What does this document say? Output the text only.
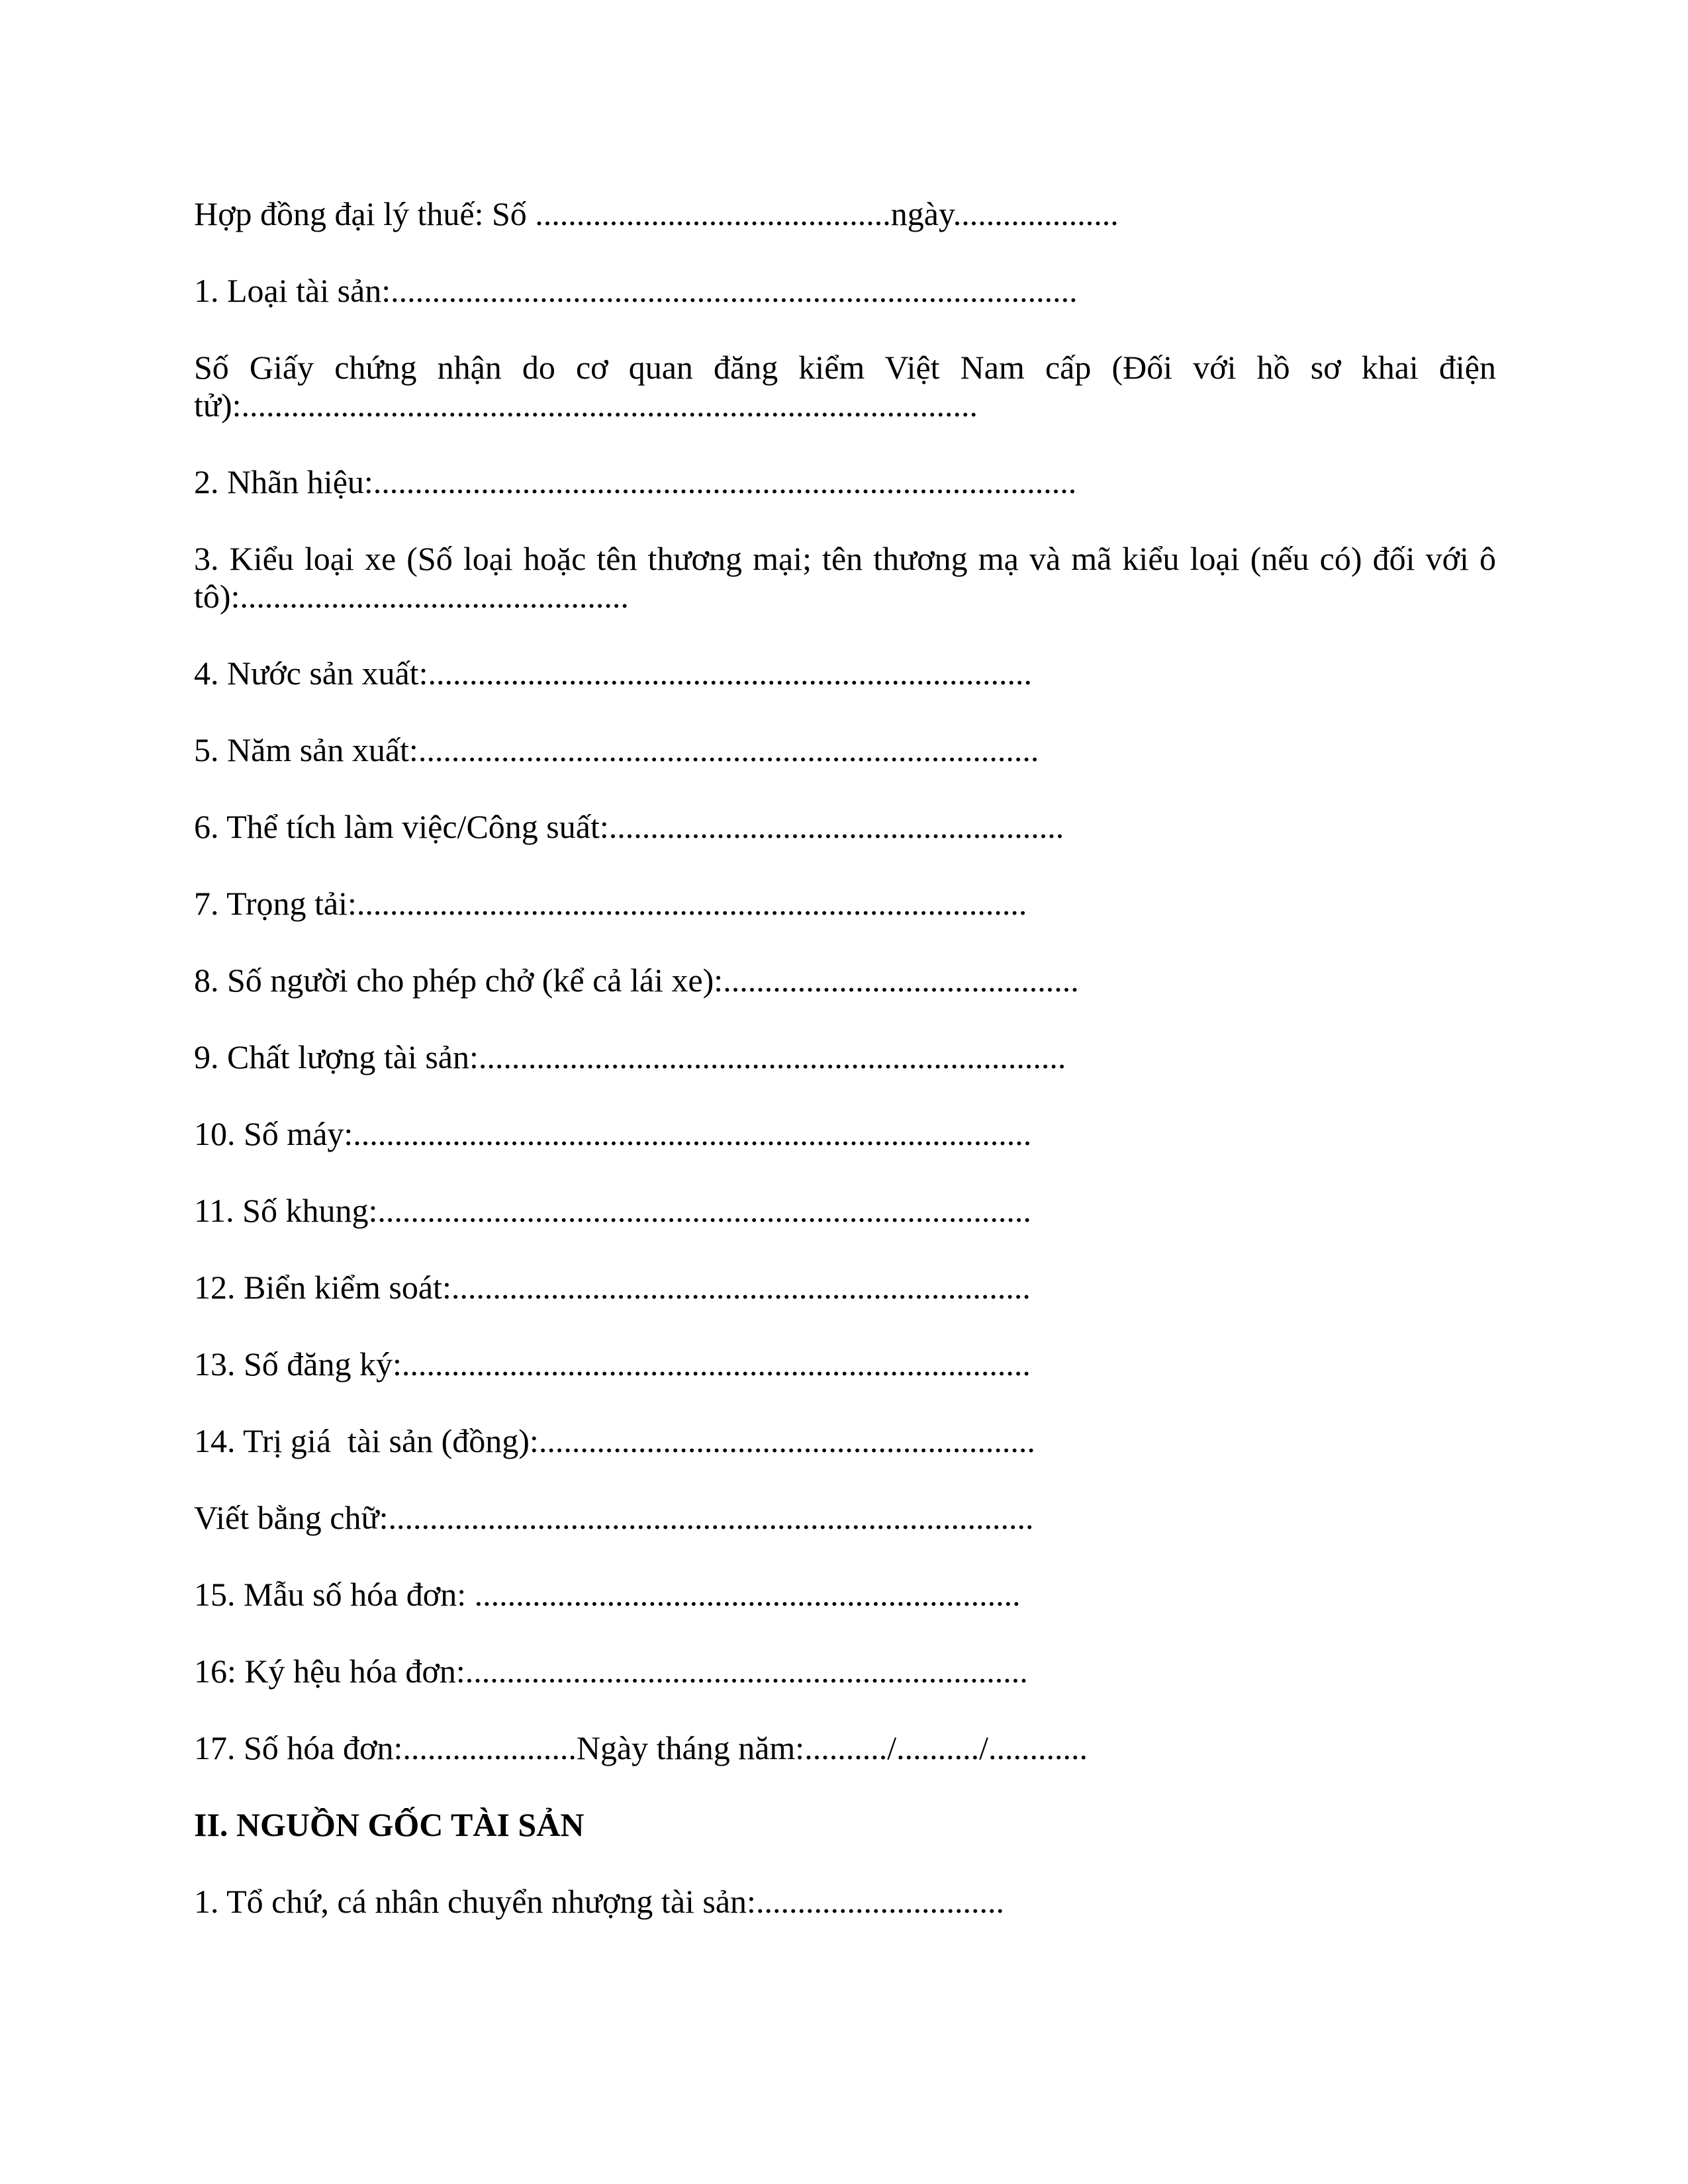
Hợp đồng đại lý thuế: Số ...........................................ngày....................
1. Loại tài sản:...................................................................................
Số Giấy chứng nhận do cơ quan đăng kiểm Việt Nam cấp (Đối với hồ sơ khai điện
tử):.........................................................................................
2. Nhãn hiệu:.....................................................................................
3. Kiểu loại xe (Số loại hoặc tên thương mại; tên thương mạ và mã kiểu loại (nếu có) đối với ô
tô):...............................................
4. Nước sản xuất:.........................................................................
5. Năm sản xuất:...........................................................................
6. Thể tích làm việc/Công suất:.......................................................
7. Trọng tải:.................................................................................
8. Số người cho phép chở (kể cả lái xe):...........................................
9. Chất lượng tài sản:.......................................................................
10. Số máy:..................................................................................
11. Số khung:...............................................................................
12. Biển kiểm soát:......................................................................
13. Số đăng ký:............................................................................
14. Trị giá  tài sản (đồng):............................................................
Viết bằng chữ:..............................................................................
15. Mẫu số hóa đơn: ..................................................................
16: Ký hệu hóa đơn:....................................................................
17. Số hóa đơn:.....................Ngày tháng năm:........../........../............
II. NGUỒN GỐC TÀI SẢN
1. Tổ chứ, cá nhân chuyển nhượng tài sản:..............................
